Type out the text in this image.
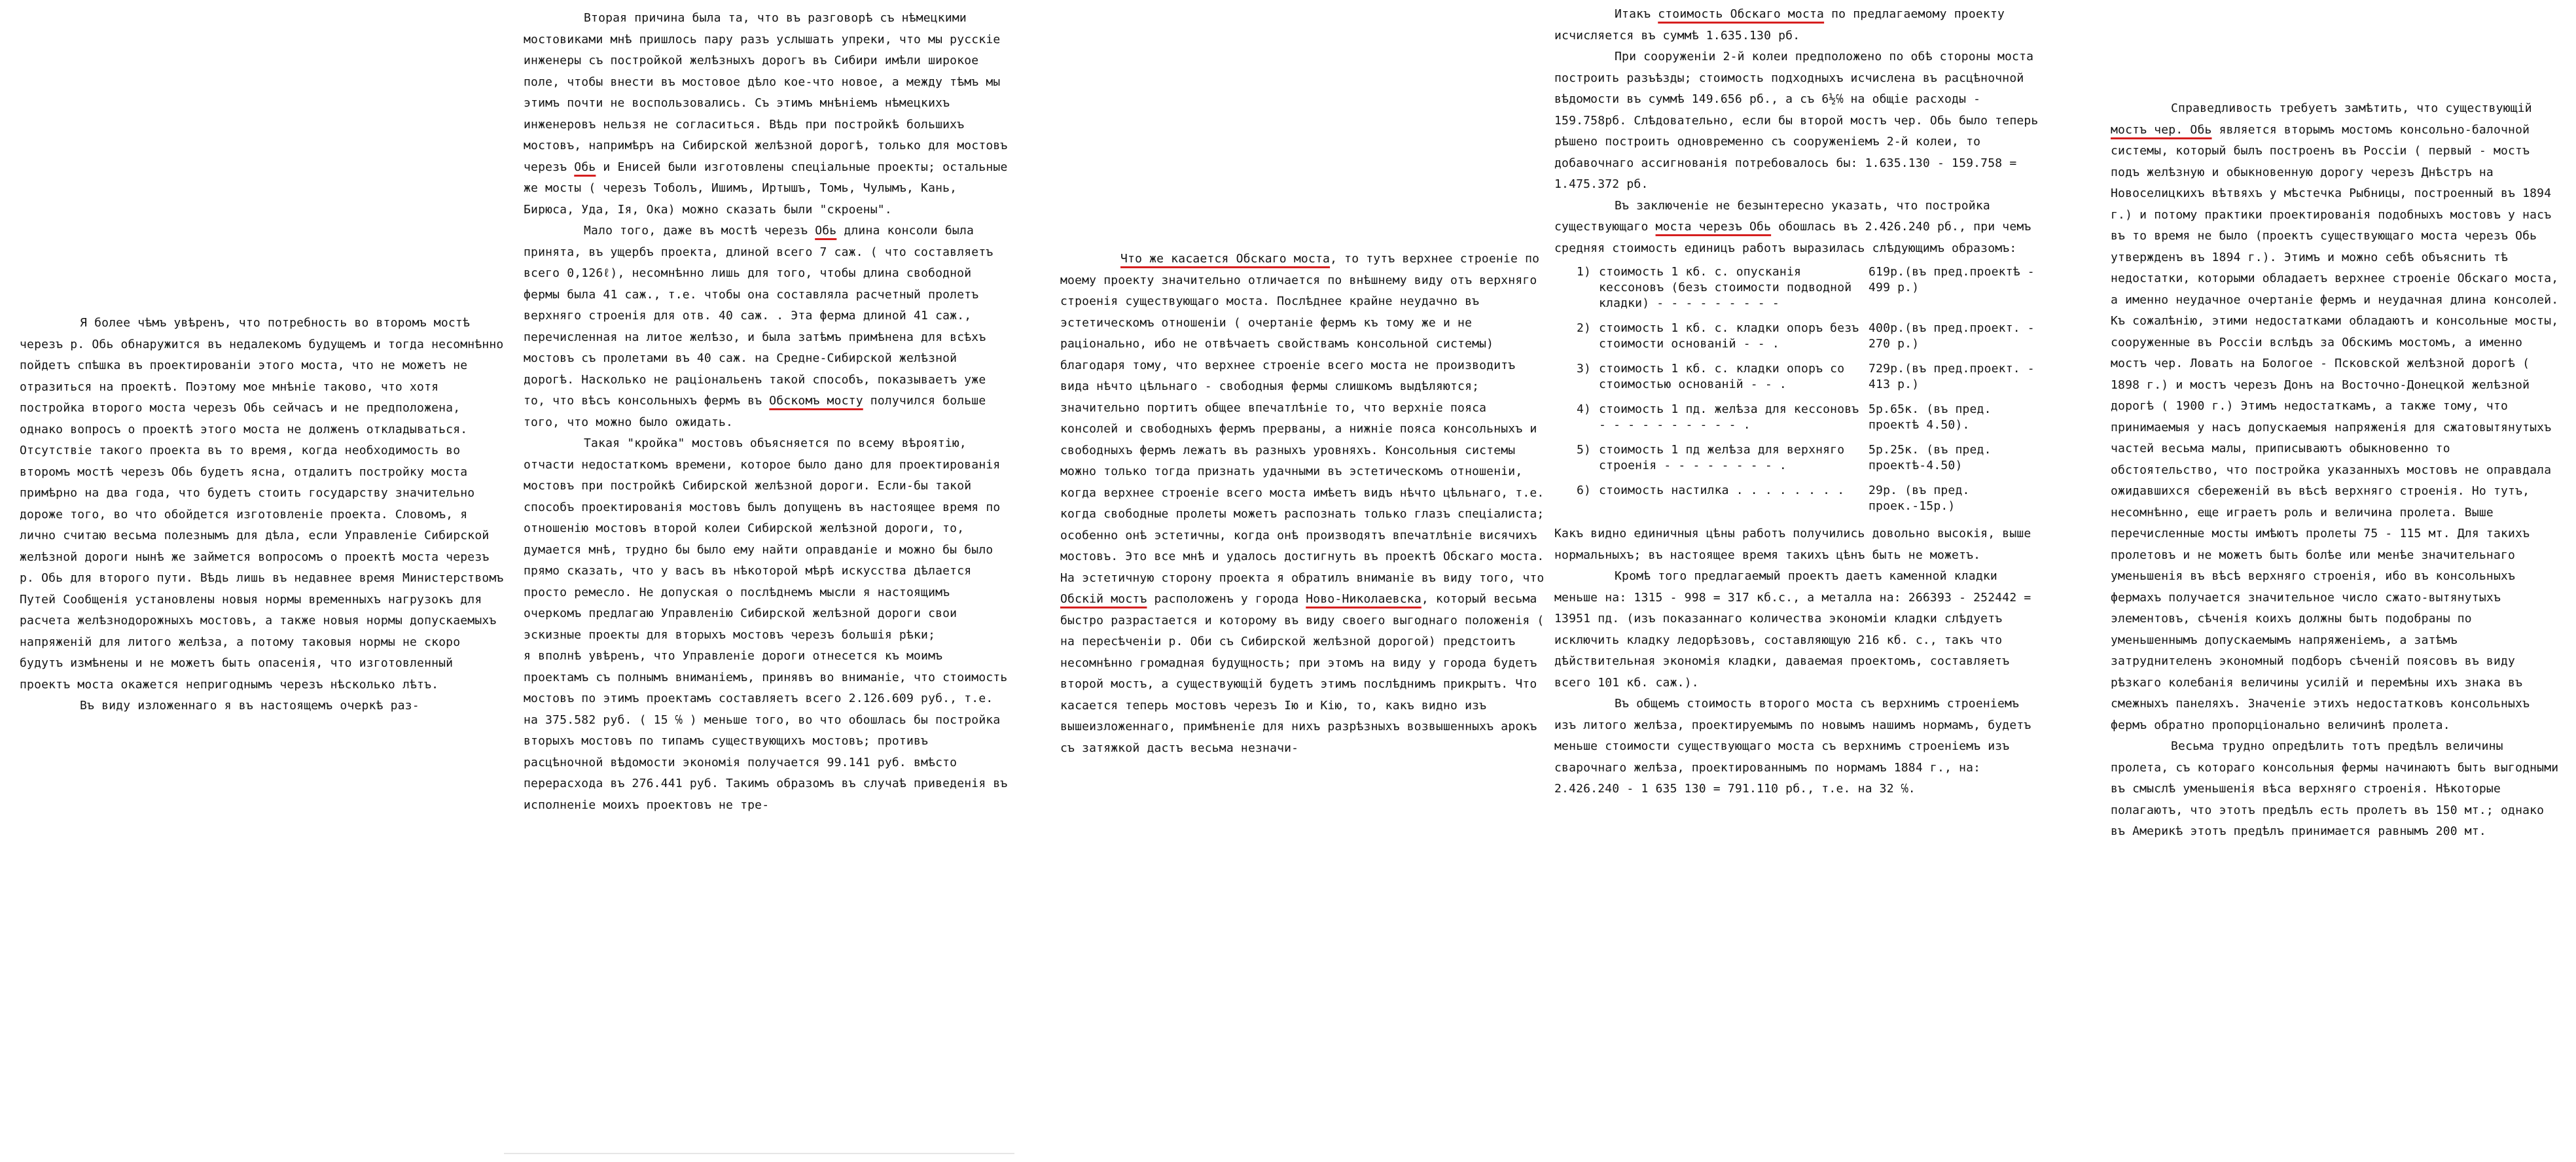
Я более чѣмъ увѣренъ, что потребность во второмъ мостѣ черезъ р. Обь обнаружится въ недалекомъ будущемъ и тогда несомнѣнно пойдетъ спѣшка въ проектированіи этого моста, что не можетъ не отразиться на проектѣ. Поэтому мое мнѣніе таково, что хотя постройка второго моста черезъ Обь сейчасъ и не предположена, однако вопросъ о проектѣ этого моста не долженъ откладываться. Отсутствіе такого проекта въ то время, когда необходимость во второмъ мостѣ черезъ Обь будетъ ясна, отдалитъ постройку моста примѣрно на два года, что будетъ стоить государству значительно дороже того, во что обойдется изготовленіе проекта. Словомъ, я лично считаю весьма полезнымъ для дѣла, если Управленіе Сибирской желѣзной дороги нынѣ же займется вопросомъ о проектѣ моста черезъ р. Обь для второго пути. Вѣдь лишь въ недавнее время Министерствомъ Путей Сообщенія установлены новыя нормы временныхъ нагрузокъ для расчета желѣзнодорожныхъ мостовъ, а также новыя нормы допускаемыхъ напряженій для литого желѣза, а потому таковыя нормы не скоро будутъ измѣнены и не можетъ быть опасенія, что изготовленный проектъ моста окажется непригоднымъ черезъ нѣсколько лѣтъ.

Въ виду изложеннаго я въ настоящемъ очеркѣ раз-

Вторая причина была та, что въ разговорѣ съ нѣмецкими мостовиками мнѣ пришлось пару разъ услышать упреки, что мы русскіе инженеры съ постройкой желѣзныхъ дорогъ въ Сибири имѣли широкое поле, чтобы внести въ мостовое дѣло кое-что новое, а между тѣмъ мы этимъ почти не воспользовались. Съ этимъ мнѣніемъ нѣмецкихъ инженеровъ нельзя не согласиться. Вѣдь при постройкѣ большихъ мостовъ, напримѣръ на Сибирской желѣзной дорогѣ, только для мостовъ черезъ Обь и Енисей были изготовлены спеціальные проекты; остальные же мосты ( черезъ Тоболъ, Ишимъ, Иртышъ, Томь, Чулымъ, Кань, Бирюса, Уда, Ія, Ока) можно сказать были "скроены".

Мало того, даже въ мостѣ черезъ Обь длина консоли была принята, въ ущербъ проекта, длиной всего 7 саж. ( что составляетъ всего 0,126ℓ), несомнѣнно лишь для того, чтобы длина свободной фермы была 41 саж., т.е. чтобы она составляла расчетный пролетъ верхняго строенія для отв. 40 саж. . Эта ферма длиной 41 саж., перечисленная на литое желѣзо, и была затѣмъ примѣнена для всѣхъ мостовъ съ пролетами въ 40 саж. на Средне-Сибирской желѣзной дорогѣ. Насколько не раціональенъ такой способъ, показываетъ уже то, что вѣсъ консольныхъ фермъ въ Обскомъ мосту получился больше того, что можно было ожидать.

Такая "кройка" мостовъ объясняется по всему вѣроятію, отчасти недостаткомъ времени, которое было дано для проектированія мостовъ при постройкѣ Сибирской желѣзной дороги. Если-бы такой способъ проектированія мостовъ былъ допущенъ въ настоящее время по отношенію мостовъ второй колеи Сибирской желѣзной дороги, то, думается мнѣ, трудно бы было ему найти оправданіе и можно бы было прямо сказать, что у васъ въ нѣкоторой мѣрѣ искусства дѣлается просто ремесло. Не допуская о послѣднемъ мысли я настоящимъ очеркомъ предлагаю Управленію Сибирской желѣзной дороги свои эскизные проекты для вторыхъ мостовъ черезъ большія рѣки;

я вполнѣ увѣренъ, что Управленіе дороги отнесется къ моимъ проектамъ съ полнымъ вниманіемъ, принявъ во вниманіе, что стоимость мостовъ по этимъ проектамъ составляетъ всего 2.126.609 руб., т.е. на 375.582 руб. ( 15 ℅ ) меньше того, во что обошлась бы постройка вторыхъ мостовъ по типамъ существующихъ мостовъ; противъ расцѣночной вѣдомости экономія получается 99.141 руб. вмѣсто перерасхода въ 276.441 руб. Такимъ образомъ въ случаѣ приведенія въ исполненіе моихъ проектовъ не тре-

Что же касается Обскаго моста, то тутъ верхнее строеніе по моему проекту значительно отличается по внѣшнему виду отъ верхняго строенія существующаго моста. Послѣднее крайне неудачно въ эстетическомъ отношеніи ( очертаніе фермъ къ тому же и не раціонально, ибо не отвѣчаетъ свойствамъ консольной системы) благодаря тому, что верхнее строеніе всего моста не производитъ вида нѣчто цѣльнаго - свободныя фермы слишкомъ выдѣляются; значительно портитъ общее впечатлѣніе то, что верхніе пояса консолей и свободныхъ фермъ прерваны, а нижніе пояса консольныхъ и свободныхъ фермъ лежатъ въ разныхъ уровняхъ. Консольныя системы можно только тогда признать удачными въ эстетическомъ отношеніи, когда верхнее строеніе всего моста имѣетъ видъ нѣчто цѣльнаго, т.е. когда свободные пролеты можетъ распознать только глазъ спеціалиста; особенно онѣ эстетичны, когда онѣ производятъ впечатлѣніе висячихъ мостовъ. Это все мнѣ и удалось достигнуть въ проектѣ Обскаго моста. На эстетичную сторону проекта я обратилъ вниманіе въ виду того, что Обскій мостъ расположенъ у города Ново-Николаевска, который весьма быстро разрастается и которому въ виду своего выгоднаго положенія ( на пересѣченіи р. Оби съ Сибирской желѣзной дорогой) предстоитъ несомнѣнно громадная будущность; при этомъ на виду у города будетъ второй мостъ, а существующій будетъ этимъ послѣднимъ прикрытъ. Что касается теперь мостовъ черезъ Ію и Кію, то, какъ видно изъ вышеизложеннаго, примѣненіе для нихъ разрѣзныхъ возвышенныхъ арокъ съ затяжкой дастъ весьма незначи-

Итакъ стоимость Обскаго моста по предлагаемому проекту исчисляется въ суммѣ 1.635.130 рб.

При сооруженіи 2-й колеи предположено по обѣ стороны моста построить разъѣзды; стоимость подходныхъ исчислена въ расцѣночной вѣдомости въ суммѣ 149.656 рб., а съ 6½℅ на общіе расходы - 159.758рб. Слѣдовательно, если бы второй мостъ чер. Обь было теперь рѣшено построить одновременно съ сооруженіемъ 2-й колеи, то добавочнаго ассигнованія потребовалось бы: 1.635.130 - 159.758 = 1.475.372 рб.

Въ заключеніе не безынтересно указать, что постройка существующаго моста черезъ Обь обошлась въ 2.426.240 рб., при чемъ средняя стоимость единицъ работъ выразилась слѣдующимъ образомъ:

1) стоимость 1 кб. с. опусканія кессоновъ (безъ стоимости подводной кладки) - - - - - - - - -
619р.(въ пред.проектѣ - 499 р.)
2) стоимость 1 кб. с. кладки опоръ безъ стоимости основаній - - .
400р.(въ пред.проект. - 270 р.)
3) стоимость 1 кб. с. кладки опоръ со стоимостью основаній - - .
729р.(въ пред.проект. - 413 р.)
4) стоимость 1 пд. желѣза для кессоновъ - - - - - - - - - - .
5р.65к. (въ пред. проектѣ 4.50).
5) стоимость 1 пд желѣза для верхняго строенія - - - - - - - - .
5р.25к. (въ пред. проектѣ-4.50)
6) стоимость настилка . . . . . . . .	29р. (въ пред. проек.-15р.)

Какъ видно единичныя цѣны работъ получились довольно высокія, выше нормальныхъ; въ настоящее время такихъ цѣнъ быть не можетъ.

Кромѣ того предлагаемый проектъ даетъ каменной кладки меньше на: 1315 - 998 = 317 кб.с., а металла на: 266393 - 252442 = 13951 пд. (изъ показаннаго количества экономіи кладки слѣдуетъ исключить кладку ледорѣзовъ, составляющую 216 кб. с., такъ что дѣйствительная экономія кладки, даваемая проектомъ, составляетъ всего 101 кб. саж.).

Въ общемъ стоимость второго моста съ верхнимъ строеніемъ изъ литого желѣза, проектируемымъ по новымъ нашимъ нормамъ, будетъ меньше стоимости существующаго моста съ верхнимъ строеніемъ изъ сварочнаго желѣза, проектированнымъ по нормамъ 1884 г., на: 2.426.240 - 1 635 130 = 791.110 рб., т.е. на 32 ℅.

Справедливость требуетъ замѣтить, что существующій мостъ чер. Обь является вторымъ мостомъ консольно-балочной системы, который былъ построенъ въ Россіи ( первый - мостъ подъ желѣзную и обыкновенную дорогу черезъ Днѣстръ на Новоселицкихъ вѣтвяхъ у мѣстечка Рыбницы, построенный въ 1894 г.) и потому практики проектированія подобныхъ мостовъ у насъ въ то время не было (проектъ существующаго моста черезъ Обь утвержденъ въ 1894 г.). Этимъ и можно себѣ объяснить тѣ недостатки, которыми обладаетъ верхнее строеніе Обскаго моста, а именно неудачное очертаніе фермъ и неудачная длина консолей. Къ сожалѣнію, этими недостатками обладаютъ и консольные мосты, сооруженные въ Россіи вслѣдъ за Обскимъ мостомъ, а именно мостъ чер. Ловать на Бологое - Псковской желѣзной дорогѣ ( 1898 г.) и мостъ черезъ Донъ на Восточно-Донецкой желѣзной дорогѣ ( 1900 г.) Этимъ недостаткамъ, а также тому, что принимаемыя у насъ допускаемыя напряженія для сжатовытянутыхъ частей весьма малы, приписываютъ обыкновенно то обстоятельство, что постройка указанныхъ мостовъ не оправдала ожидавшихся сбереженій въ вѣсѣ верхняго строенія. Но тутъ, несомнѣнно, еще играетъ роль и величина пролета. Выше перечисленные мосты имѣютъ пролеты 75 - 115 мт. Для такихъ пролетовъ и не можетъ быть болѣе или менѣе значительнаго уменьшенія въ вѣсѣ верхняго строенія, ибо въ консольныхъ фермахъ получается значительное число сжато-вытянутыхъ элементовъ, сѣченія коихъ должны быть подобраны по уменьшеннымъ допускаемымъ напряженіемъ, а затѣмъ затруднителенъ экономный подборъ сѣченій поясовъ въ виду рѣзкаго колебанія величины усилій и перемѣны ихъ знака въ смежныхъ панеляхъ. Значеніе этихъ недостатковъ консольныхъ фермъ обратно пропорціонально величинѣ пролета.

Весьма трудно опредѣлить тотъ предѣлъ величины пролета, съ котораго консольныя фермы начинаютъ быть выгодными въ смыслѣ уменьшенія вѣса верхняго строенія. Нѣкоторые полагаютъ, что этотъ предѣлъ есть пролетъ въ 150 мт.; однако въ Америкѣ этотъ предѣлъ принимается равнымъ 200 мт.
